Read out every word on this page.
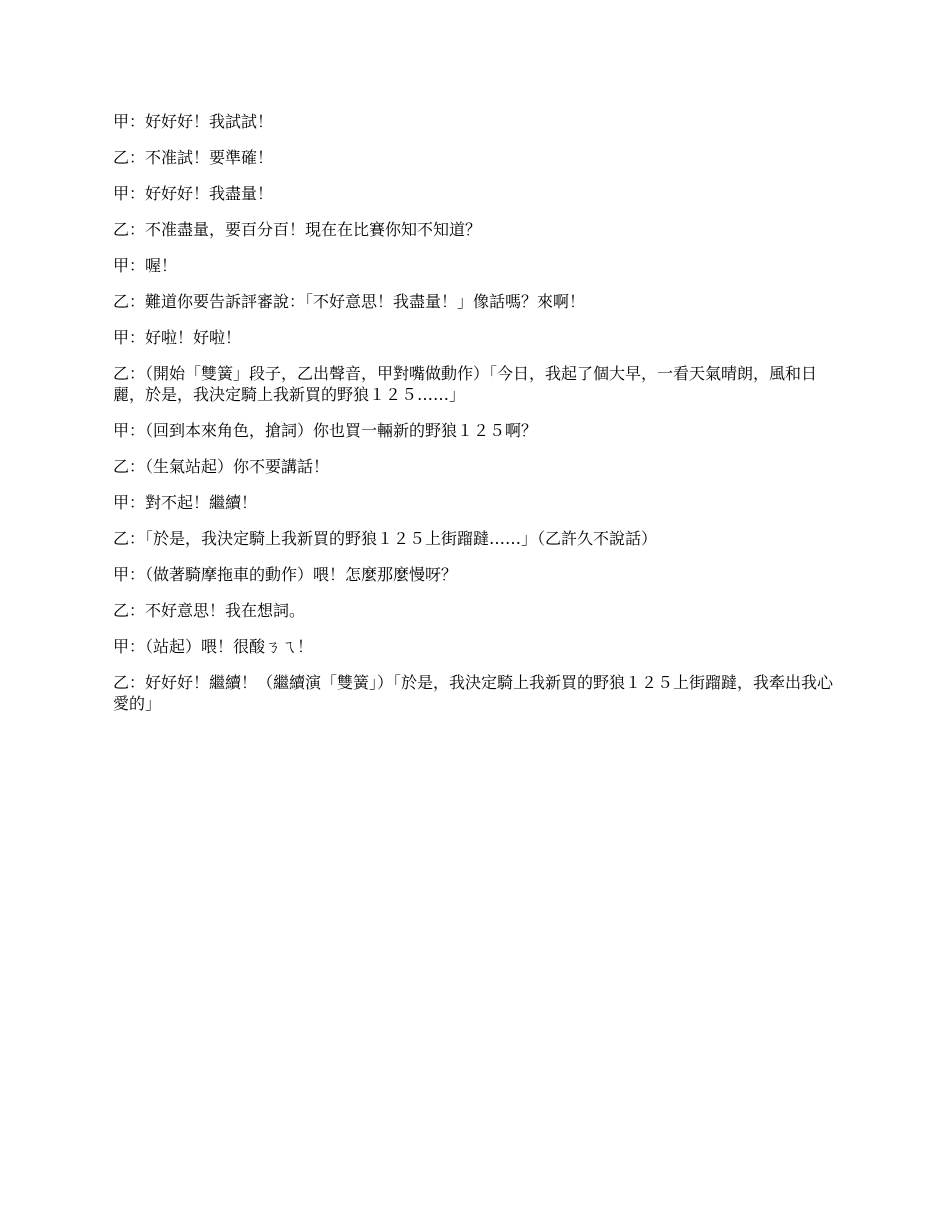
甲：好好好！我試試！

乙：不准試！要準確！

甲：好好好！我盡量！

乙：不准盡量，要百分百！現在在比賽你知不知道？

甲：喔！

乙：難道你要告訴評審說：「不好意思！我盡量！」像話嗎？來啊！

甲：好啦！好啦！

乙：（開始「雙簧」段子，乙出聲音，甲對嘴做動作）「今日，我起了個大早，一看天氣晴朗，風和日麗，於是，我決定騎上我新買的野狼１２５……」

甲：（回到本來角色，搶詞）你也買一輛新的野狼１２５啊？

乙：（生氣站起）你不要講話！

甲：對不起！繼續！

乙：「於是，我決定騎上我新買的野狼１２５上街蹓躂……」（乙許久不說話）

甲：（做著騎摩拖車的動作）喂！怎麼那麼慢呀？

乙：不好意思！我在想詞。

甲：（站起）喂！很酸ㄋㄟ！

乙：好好好！繼續！（繼續演「雙簧」）「於是，我決定騎上我新買的野狼１２５上街蹓躂，我牽出我心愛的」
